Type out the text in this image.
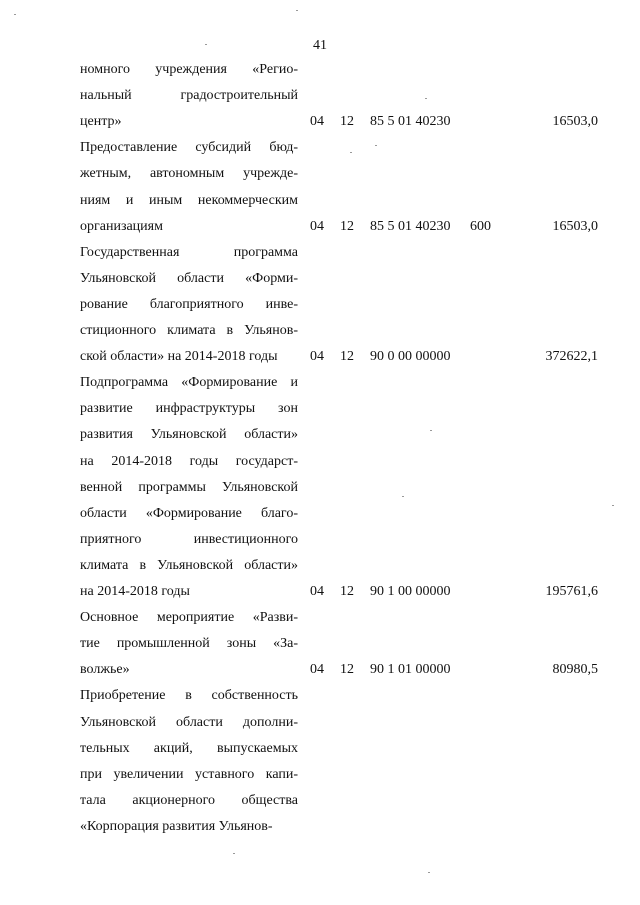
41
номного учреждения «Регио-
нальный градостроительный
центр»	04 12 85 5 01 40230	16503,0
Предоставление субсидий бюд-
жетным, автономным учрежде-
ниям и иным некоммерческим
организациям	04 12 85 5 01 40230 600	16503,0
Государственная программа
Ульяновской области «Форми-
рование благоприятного инве-
стиционного климата в Ульянов-
ской области» на 2014-2018 годы	04 12 90 0 00 00000	372622,1
Подпрограмма «Формирование и
развитие инфраструктуры зон
развития Ульяновской области»
на 2014-2018 годы государст-
венной программы Ульяновской
области «Формирование благо-
приятного инвестиционного
климата в Ульяновской области»
на 2014-2018 годы	04 12 90 1 00 00000	195761,6
Основное мероприятие «Разви-
тие промышленной зоны «За-
волжье»	04 12 90 1 01 00000	80980,5
Приобретение в собственность
Ульяновской области дополни-
тельных акций, выпускаемых
при увеличении уставного капи-
тала акционерного общества
«Корпорация развития Ульянов-
